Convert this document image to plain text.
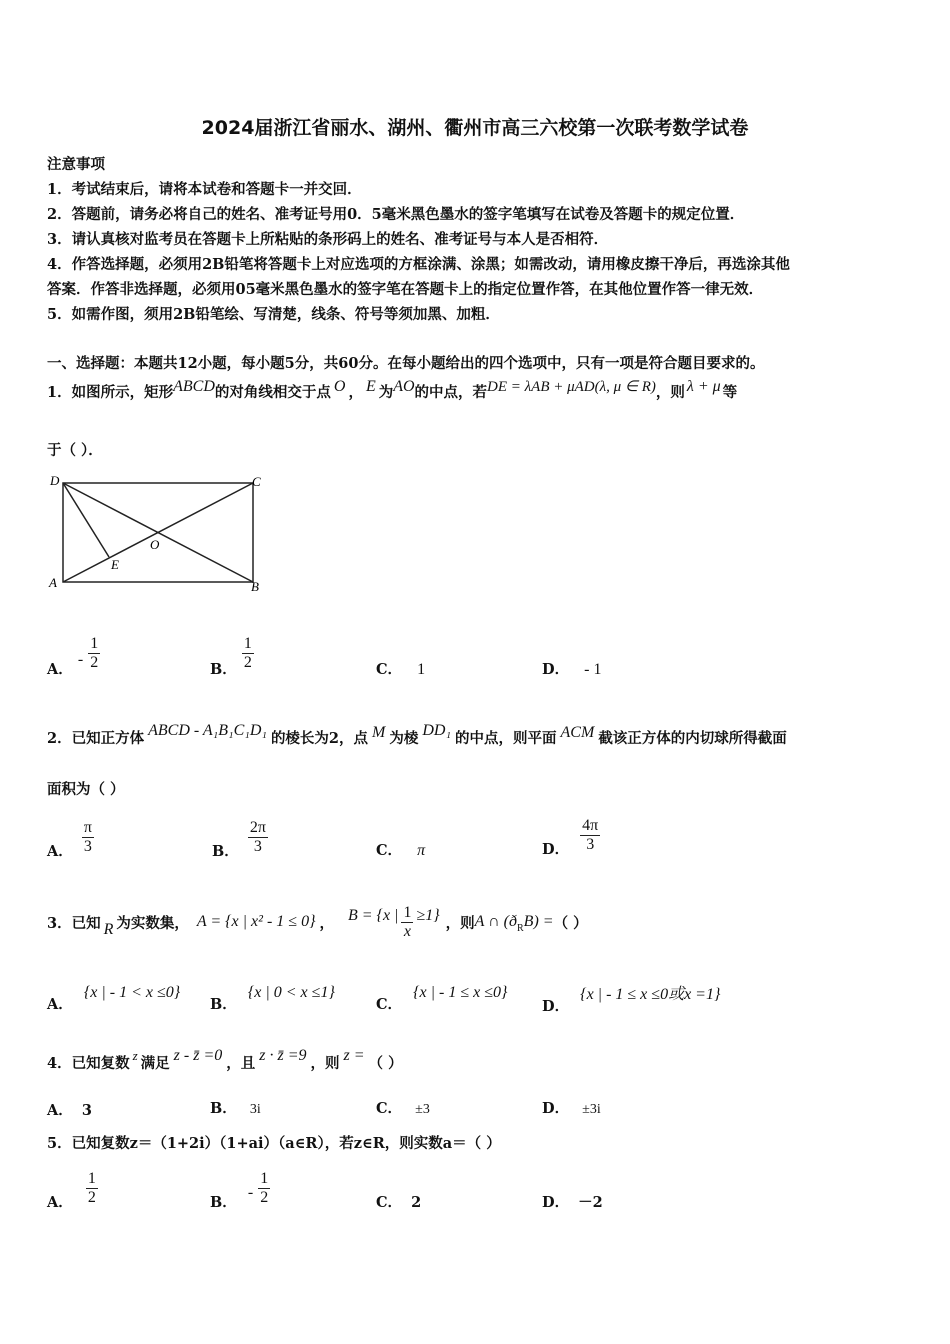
2024届浙江省丽水、湖州、衢州市高三六校第一次联考数学试卷
注意事项
1．考试结束后，请将本试卷和答题卡一并交回．
2．答题前，请务必将自己的姓名、准考证号用0．5毫米黑色墨水的签字笔填写在试卷及答题卡的规定位置．
3．请认真核对监考员在答题卡上所粘贴的条形码上的姓名、准考证号与本人是否相符．
4．作答选择题，必须用2B铅笔将答题卡上对应选项的方框涂满、涂黑；如需改动，请用橡皮擦干净后，再选涂其他
答案．作答非选择题，必须用05毫米黑色墨水的签字笔在答题卡上的指定位置作答，在其他位置作答一律无效．
5．如需作图，须用2B铅笔绘、写清楚，线条、符号等须加黑、加粗．
一、选择题：本题共12小题，每小题5分，共60分。在每小题给出的四个选项中，只有一项是符合题目要求的。
1．如图所示，矩形ABCD的对角线相交于点 O ， E 为AO的中点，若DE = λAB + μAD(λ, μ ∈ R)，则 λ + μ 等
于（ ）．
D	C
A	B
O
E
A． - $\frac{1}{2}$	B． $\frac{1}{2}$	C． 1	D． - 1
2．已知正方体 ABCD - A₁B₁C₁D₁ 的棱长为2，点 M 为棱 DD₁ 的中点，则平面 ACM 截该正方体的内切球所得截面
面积为（ ）
A． $\frac{\pi}{3}$	B． $\frac{2\pi}{3}$	C． π	D． $\frac{4\pi}{3}$
3．已知 R 为实数集， A = {x | x² - 1 ≤ 0} ， B = {x | $\frac{1}{x} \ge 1$} ，则 A ∩ (ð R B) = （ ）
A． {x | - 1 < x ≤0}
B． {x | 0 < x ≤1}
C． {x | - 1 ≤ x ≤0}
D． {x | - 1 ≤ x ≤0或x =1}
4．已知复数 $^z$ 满足 z - z̄ =0 ，且 z · z̄ =9 ，则 z = （ ）
A． 3	B． 3i	C． ±3	D． ±3i
5．已知复数z＝（1+2i）（1+ai）（a∈R），若z∈R，则实数a＝（ ）
A． $\frac{1}{2}$	B． - $\frac{1}{2}$	C． 2	D． －2
